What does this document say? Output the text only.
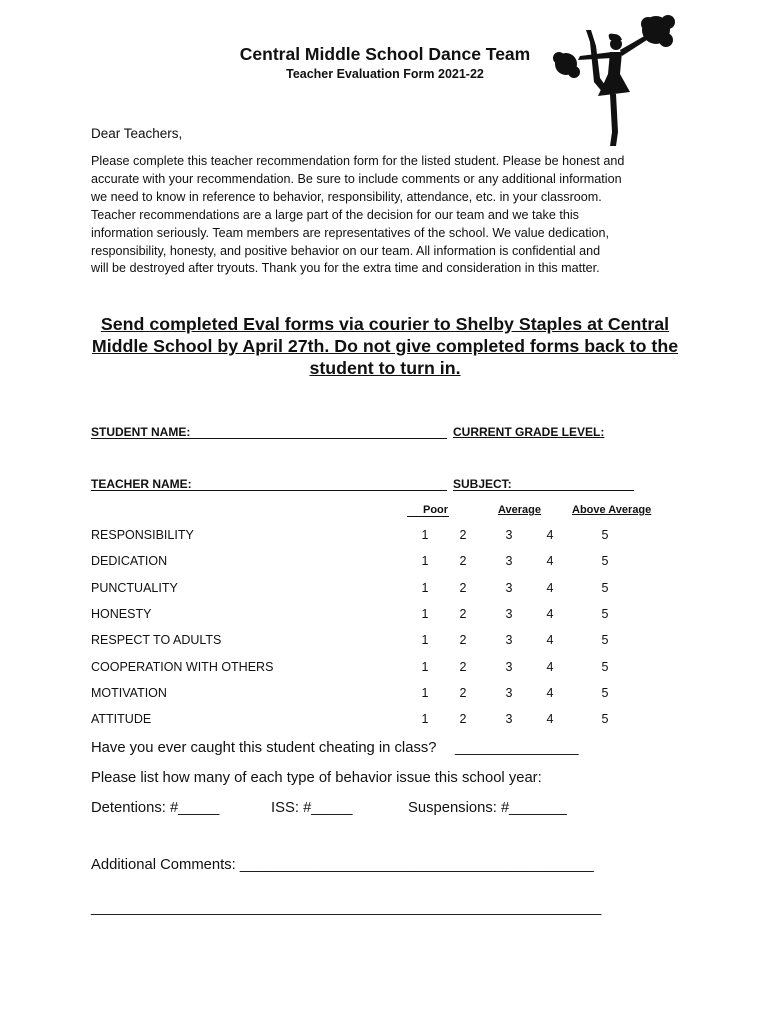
Central Middle School Dance Team
Teacher Evaluation Form 2021-22
Dear Teachers,
Please complete this teacher recommendation form for the listed student. Please be honest and
accurate with your recommendation. Be sure to include comments or any additional information
we need to know in reference to behavior, responsibility, attendance, etc. in your classroom.
Teacher recommendations are a large part of the decision for our team and we take this
information seriously. Team members are representatives of the school. We value dedication,
responsibility, honesty, and positive behavior on our team. All information is confidential and
will be destroyed after tryouts. Thank you for the extra time and consideration in this matter.
Send completed Eval forms via courier to Shelby Staples at Central
Middle School by April 27th. Do not give completed forms back to the
student to turn in.
STUDENT NAME:	CURRENT GRADE LEVEL:
TEACHER NAME:	SUBJECT:
Poor	Average	Above Average
RESPONSIBILITY	1 2	3	4	5
DEDICATION	1 2	3	4	5
PUNCTUALITY	1 2	3	4	5
HONESTY	1 2	3	4	5
RESPECT TO ADULTS	1 2	3	4	5
COOPERATION WITH OTHERS	1 2	3	4	5
MOTIVATION	1 2	3	4	5
ATTITUDE	1 2	3	4	5
Have you ever caught this student cheating in class? _______________
Please list how many of each type of behavior issue this school year:
Detentions: #_____	ISS: #_____	Suspensions: #_______
Additional Comments: ___________________________________________
______________________________________________________________
